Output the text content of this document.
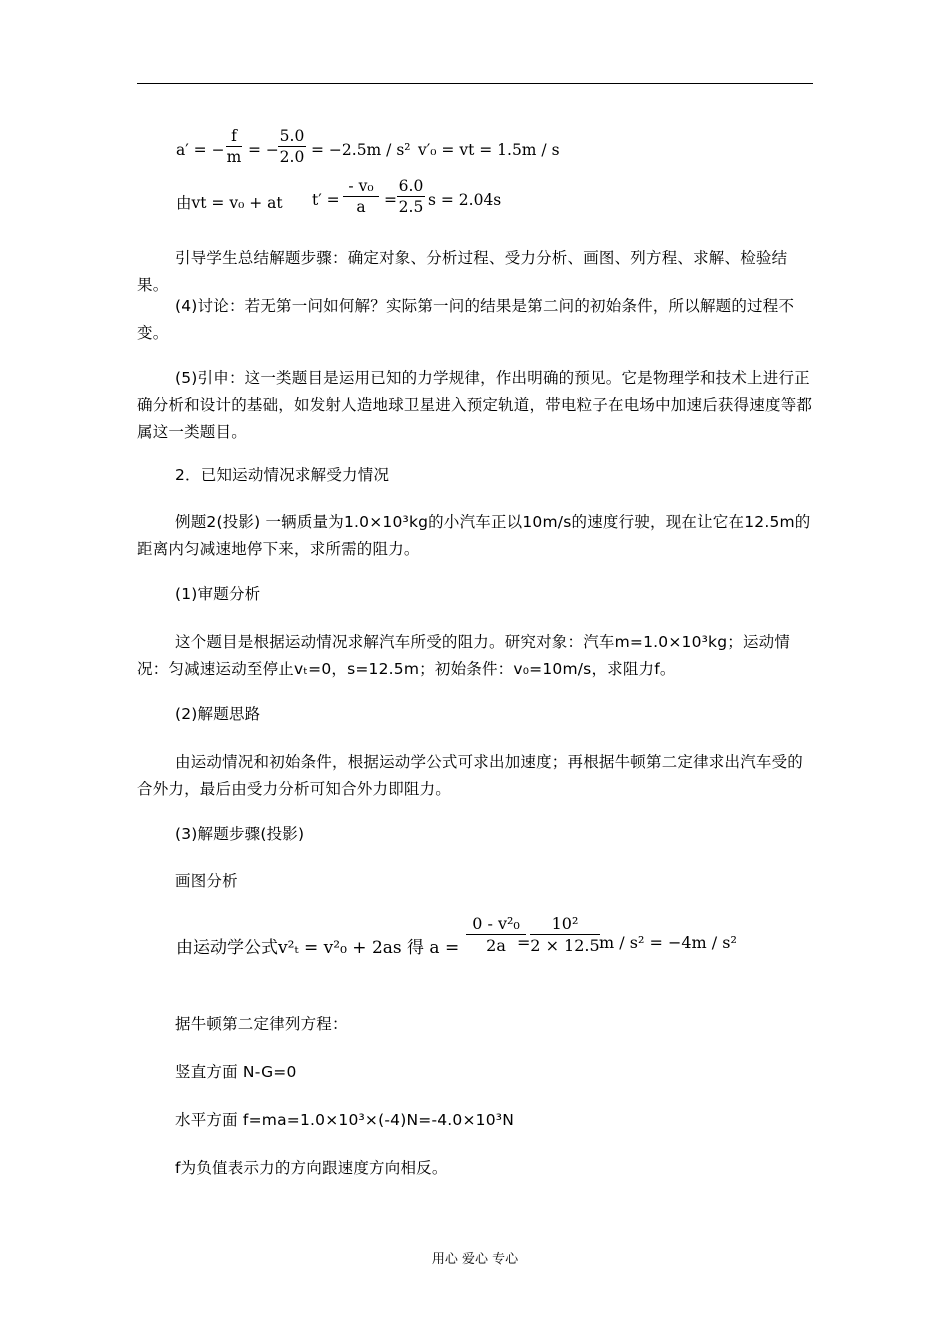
a′ = −
f
m = −
5.0
2.0 = −2.5m / s² v′₀ = vt = 1.5m / s
由vt = v₀ + at t′ =
- v₀
a	=
6.0
2.5 s = 2.04s

引导学生总结解题步骤：确定对象、分析过程、受力分析、画图、列方程、求解、检验结果。

(4)讨论：若无第一问如何解？实际第一问的结果是第二问的初始条件，所以解题的过程不变。

(5)引申：这一类题目是运用已知的力学规律，作出明确的预见。它是物理学和技术上进行正确分析和设计的基础，如发射人造地球卫星进入预定轨道，带电粒子在电场中加速后获得速度等都属这一类题目。

2．已知运动情况求解受力情况

例题2(投影) 一辆质量为1.0×10³kg的小汽车正以10m/s的速度行驶，现在让它在12.5m的距离内匀减速地停下来，求所需的阻力。

(1)审题分析

这个题目是根据运动情况求解汽车所受的阻力。研究对象：汽车m=1.0×10³kg；运动情况：匀减速运动至停止vₜ=0，s=12.5m；初始条件：v₀=10m/s，求阻力f。

(2)解题思路

由运动情况和初始条件，根据运动学公式可求出加速度；再根据牛顿第二定律求出汽车受的合外力，最后由受力分析可知合外力即阻力。

(3)解题步骤(投影)

画图分析

由运动学公式v²ₜ = v²₀ + 2as 得 a =
0 - v²₀
2a =
10²
2 × 12.5 m / s² = −4m / s²

据牛顿第二定律列方程：

竖直方面 N-G=0

水平方面 f=ma=1.0×10³×(-4)N=-4.0×10³N

f为负值表示力的方向跟速度方向相反。

用心 爱心 专心
